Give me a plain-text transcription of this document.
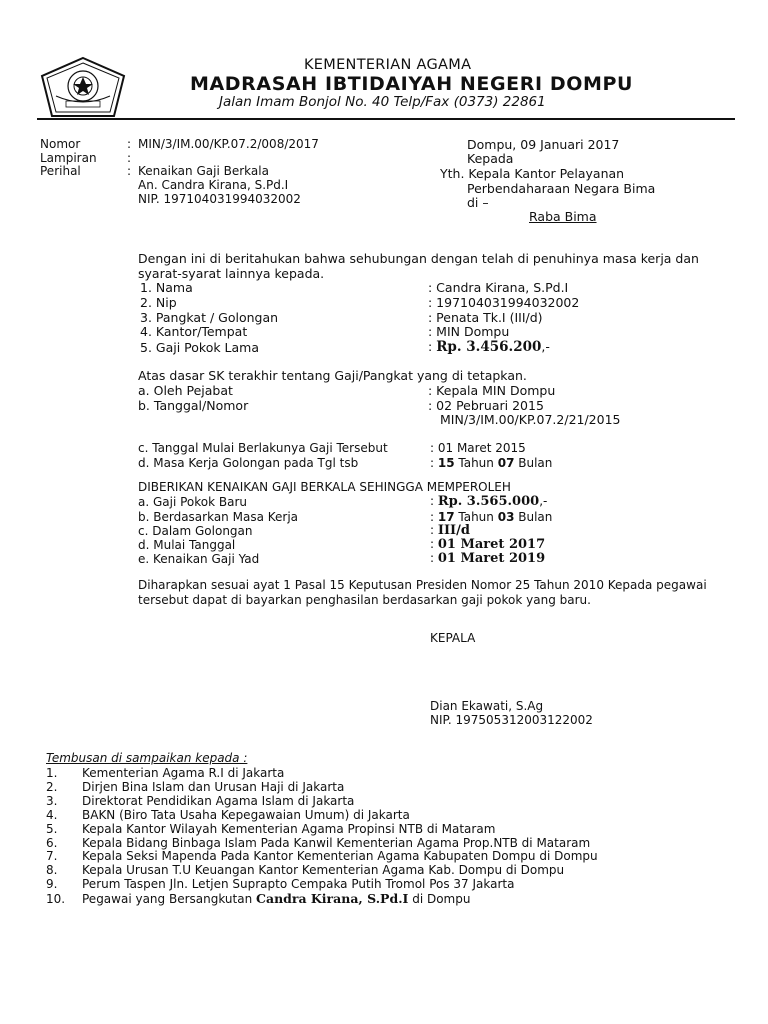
KEMENTERIAN AGAMA
MADRASAH IBTIDAIYAH NEGERI DOMPU
Jalan Imam Bonjol No. 40 Telp/Fax (0373) 22861
Nomor	: MIN/3/IM.00/KP.07.2/008/2017
Lampiran	:
Perihal	: Kenaikan Gaji Berkala
An. Candra Kirana, S.Pd.I
NIP. 197104031994032002
Dompu, 09 Januari 2017
Kepada
Yth. Kepala Kantor Pelayanan
Perbendaharaan Negara Bima
di –
Raba Bima
Dengan ini di beritahukan bahwa sehubungan dengan telah di penuhinya masa kerja dan
syarat-syarat lainnya kepada.
1. Nama	: Candra Kirana, S.Pd.I
2. Nip	: 197104031994032002
3. Pangkat / Golongan	: Penata Tk.I (III/d)
4. Kantor/Tempat	: MIN Dompu
5. Gaji Pokok Lama	: Rp. 3.456.200,-
Atas dasar SK terakhir tentang Gaji/Pangkat yang di tetapkan.
a. Oleh Pejabat	: Kepala MIN Dompu
b. Tanggal/Nomor	: 02 Pebruari 2015
MIN/3/IM.00/KP.07.2/21/2015
c. Tanggal Mulai Berlakunya Gaji Tersebut	: 01 Maret 2015
d. Masa Kerja Golongan pada Tgl tsb	: 15 Tahun 07 Bulan
DIBERIKAN KENAIKAN GAJI BERKALA SEHINGGA MEMPEROLEH
a. Gaji Pokok Baru	: Rp. 3.565.000,-
b. Berdasarkan Masa Kerja	: 17 Tahun 03 Bulan
c. Dalam Golongan	: III/d
d. Mulai Tanggal	: 01 Maret 2017
e. Kenaikan Gaji Yad	: 01 Maret 2019
Diharapkan sesuai ayat 1 Pasal 15 Keputusan Presiden Nomor 25 Tahun 2010 Kepada pegawai
tersebut dapat di bayarkan penghasilan berdasarkan gaji pokok yang baru.
KEPALA
Dian Ekawati, S.Ag
NIP. 197505312003122002
Tembusan di sampaikan kepada :
1. Kementerian Agama R.I di Jakarta
2. Dirjen Bina Islam dan Urusan Haji di Jakarta
3. Direktorat Pendidikan Agama Islam di Jakarta
4. BAKN (Biro Tata Usaha Kepegawaian Umum) di Jakarta
5. Kepala Kantor Wilayah Kementerian Agama Propinsi NTB di Mataram
6. Kepala Bidang Binbaga Islam Pada Kanwil Kementerian Agama Prop.NTB di Mataram
7. Kepala Seksi Mapenda Pada Kantor Kementerian Agama Kabupaten Dompu di Dompu
8. Kepala Urusan T.U Keuangan Kantor Kementerian Agama Kab. Dompu di Dompu
9. Perum Taspen Jln. Letjen Suprapto Cempaka Putih Tromol Pos 37 Jakarta
10. Pegawai yang Bersangkutan Candra Kirana, S.Pd.I di Dompu
